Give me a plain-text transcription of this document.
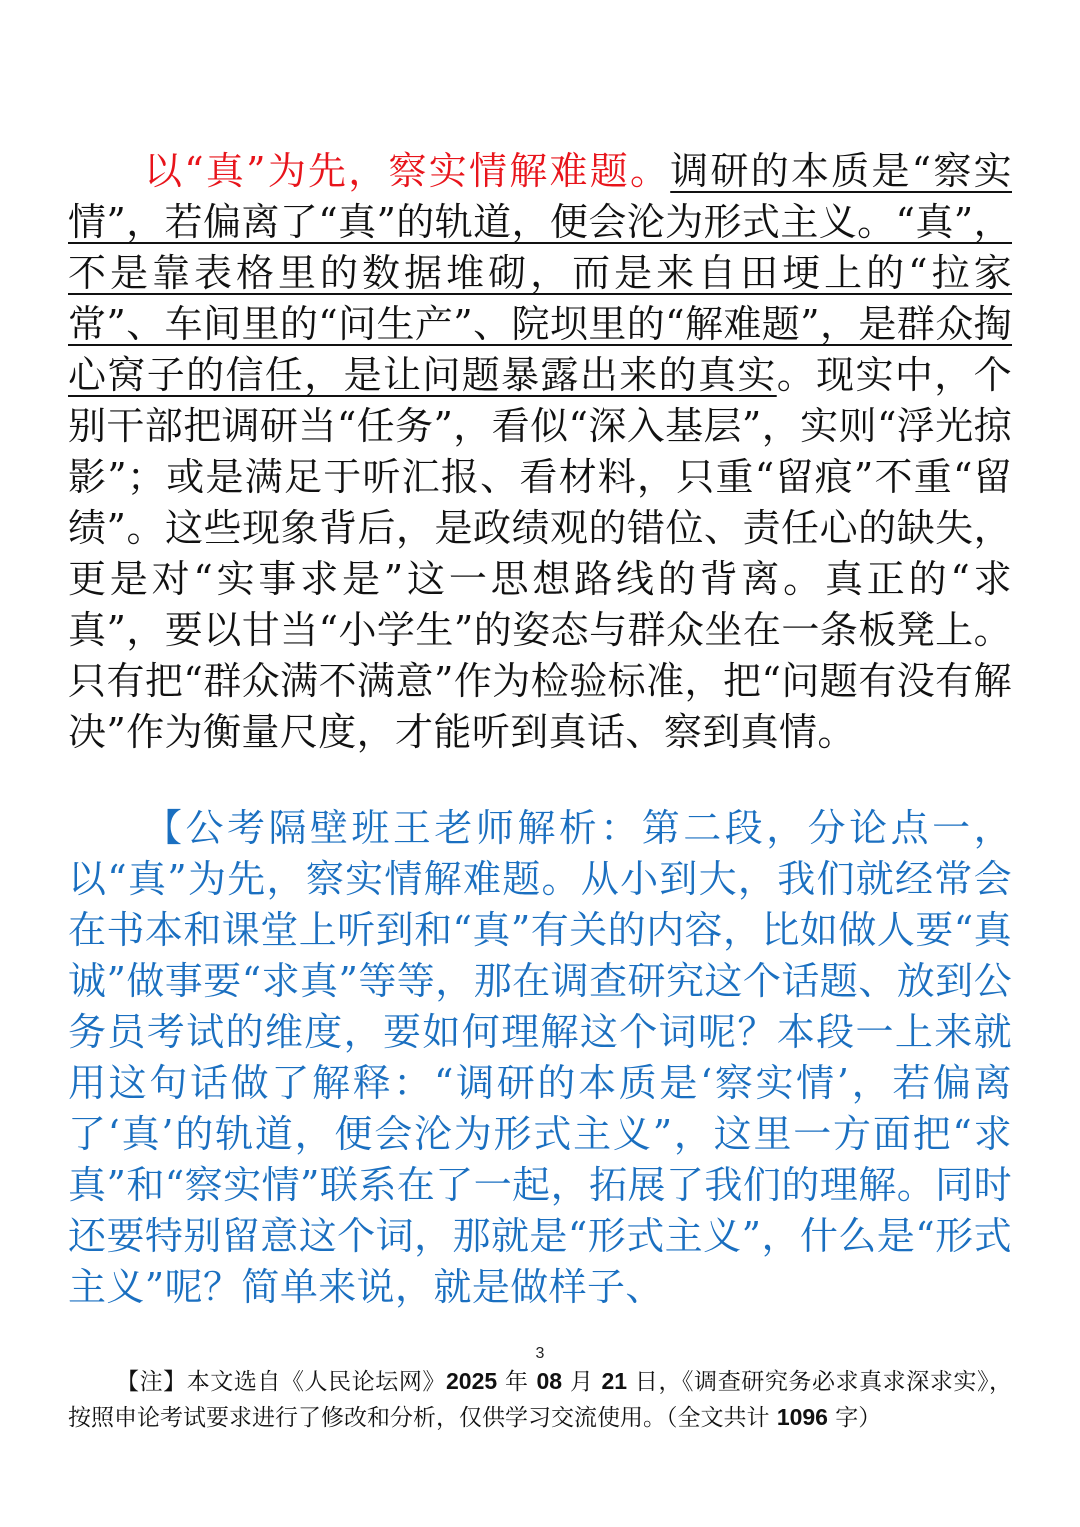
以“真”为先，察实情解难题。调研的本质是“察实情”，若偏离了“真”的轨道，便会沦为形式主义。“真”，不是靠表格里的数据堆砌，而是来自田埂上的“拉家常”、车间里的“问生产”、院坝里的“解难题”，是群众掏心窝子的信任，是让问题暴露出来的真实。现实中，个别干部把调研当“任务”，看似“深入基层”，实则“浮光掠影”；或是满足于听汇报、看材料，只重“留痕”不重“留绩”。这些现象背后，是政绩观的错位、责任心的缺失，更是对“实事求是”这一思想路线的背离。真正的“求真”，要以甘当“小学生”的姿态与群众坐在一条板凳上。只有把“群众满不满意”作为检验标准，把“问题有没有解决”作为衡量尺度，才能听到真话、察到真情。

【公考隔壁班王老师解析：第二段，分论点一，以“真”为先，察实情解难题。从小到大，我们就经常会在书本和课堂上听到和“真”有关的内容，比如做人要“真诚”做事要“求真”等等，那在调查研究这个话题、放到公务员考试的维度，要如何理解这个词呢？本段一上来就用这句话做了解释：“调研的本质是‘察实情’，若偏离了‘真’的轨道，便会沦为形式主义”，这里一方面把“求真”和“察实情”联系在了一起，拓展了我们的理解。同时还要特别留意这个词，那就是“形式主义”，什么是“形式主义”呢？简单来说，就是做样子、

3

【注】本文选自《人民论坛网》2025 年 08 月 21 日，《调查研究务必求真求深求实》，按照申论考试要求进行了修改和分析，仅供学习交流使用。（全文共计 1096 字）
